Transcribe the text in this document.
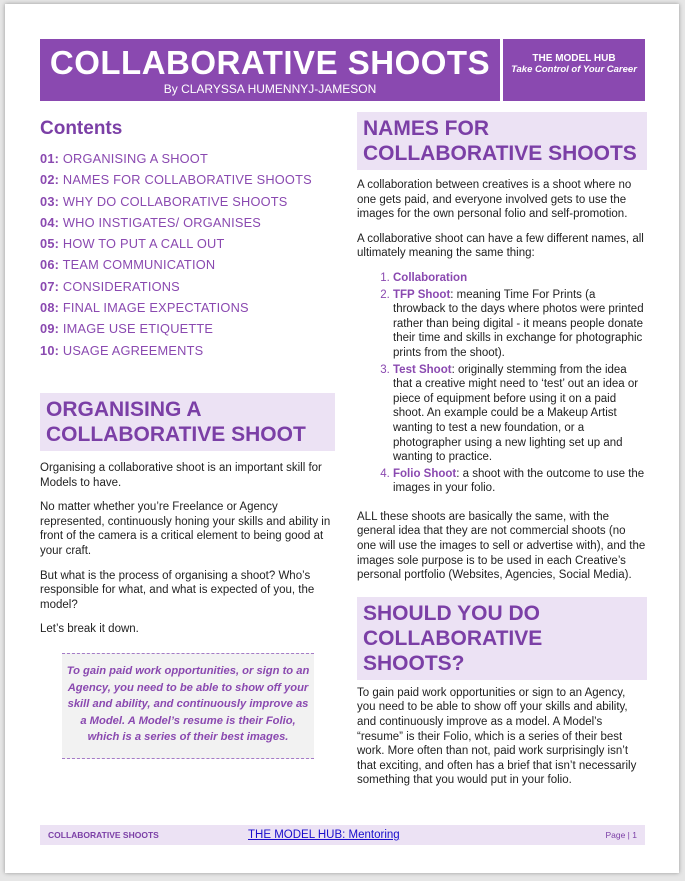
COLLABORATIVE SHOOTS
By CLARYSSA HUMENNYJ-JAMESON
THE MODEL HUB
Take Control of Your Career
Contents
01: ORGANISING A SHOOT
02: NAMES FOR COLLABORATIVE SHOOTS
03: WHY DO COLLABORATIVE SHOOTS
04: WHO INSTIGATES/ ORGANISES
05: HOW TO PUT A CALL OUT
06: TEAM COMMUNICATION
07: CONSIDERATIONS
08: FINAL IMAGE EXPECTATIONS
09: IMAGE USE ETIQUETTE
10: USAGE AGREEMENTS
ORGANISING A COLLABORATIVE SHOOT

Organising a collaborative shoot is an important skill for Models to have.

No matter whether you’re Freelance or Agency represented, continuously honing your skills and ability in front of the camera is a critical element to being good at your craft.

But what is the process of organising a shoot? Who’s responsible for what, and what is expected of you, the model?

Let’s break it down.

To gain paid work opportunities, or sign to an Agency, you need to be able to show off your skill and ability, and continuously improve as a Model. A Model’s resume is their Folio, which is a series of their best images.
NAMES FOR COLLABORATIVE SHOOTS

A collaboration between creatives is a shoot where no one gets paid, and everyone involved gets to use the images for the own personal folio and self-promotion.

A collaborative shoot can have a few different names, all ultimately meaning the same thing:

1. Collaboration
2. TFP Shoot: meaning Time For Prints (a throwback to the days where photos were printed rather than being digital - it means people donate their time and skills in exchange for photographic prints from the shoot).
3. Test Shoot: originally stemming from the idea that a creative might need to ‘test’ out an idea or piece of equipment before using it on a paid shoot. An example could be a Makeup Artist wanting to test a new foundation, or a photographer using a new lighting set up and wanting to practice.
4. Folio Shoot: a shoot with the outcome to use the images in your folio.

ALL these shoots are basically the same, with the general idea that they are not commercial shoots (no one will use the images to sell or advertise with), and the images sole purpose is to be used in each Creative’s personal portfolio (Websites, Agencies, Social Media).

SHOULD YOU DO COLLABORATIVE SHOOTS?

To gain paid work opportunities or sign to an Agency, you need to be able to show off your skills and ability, and continuously improve as a model. A Model’s “resume” is their Folio, which is a series of their best work. More often than not, paid work surprisingly isn’t that exciting, and often has a brief that isn’t necessarily something that you would put in your folio.

COLLABORATIVE SHOOTS	THE MODEL HUB: Mentoring	Page | 1
